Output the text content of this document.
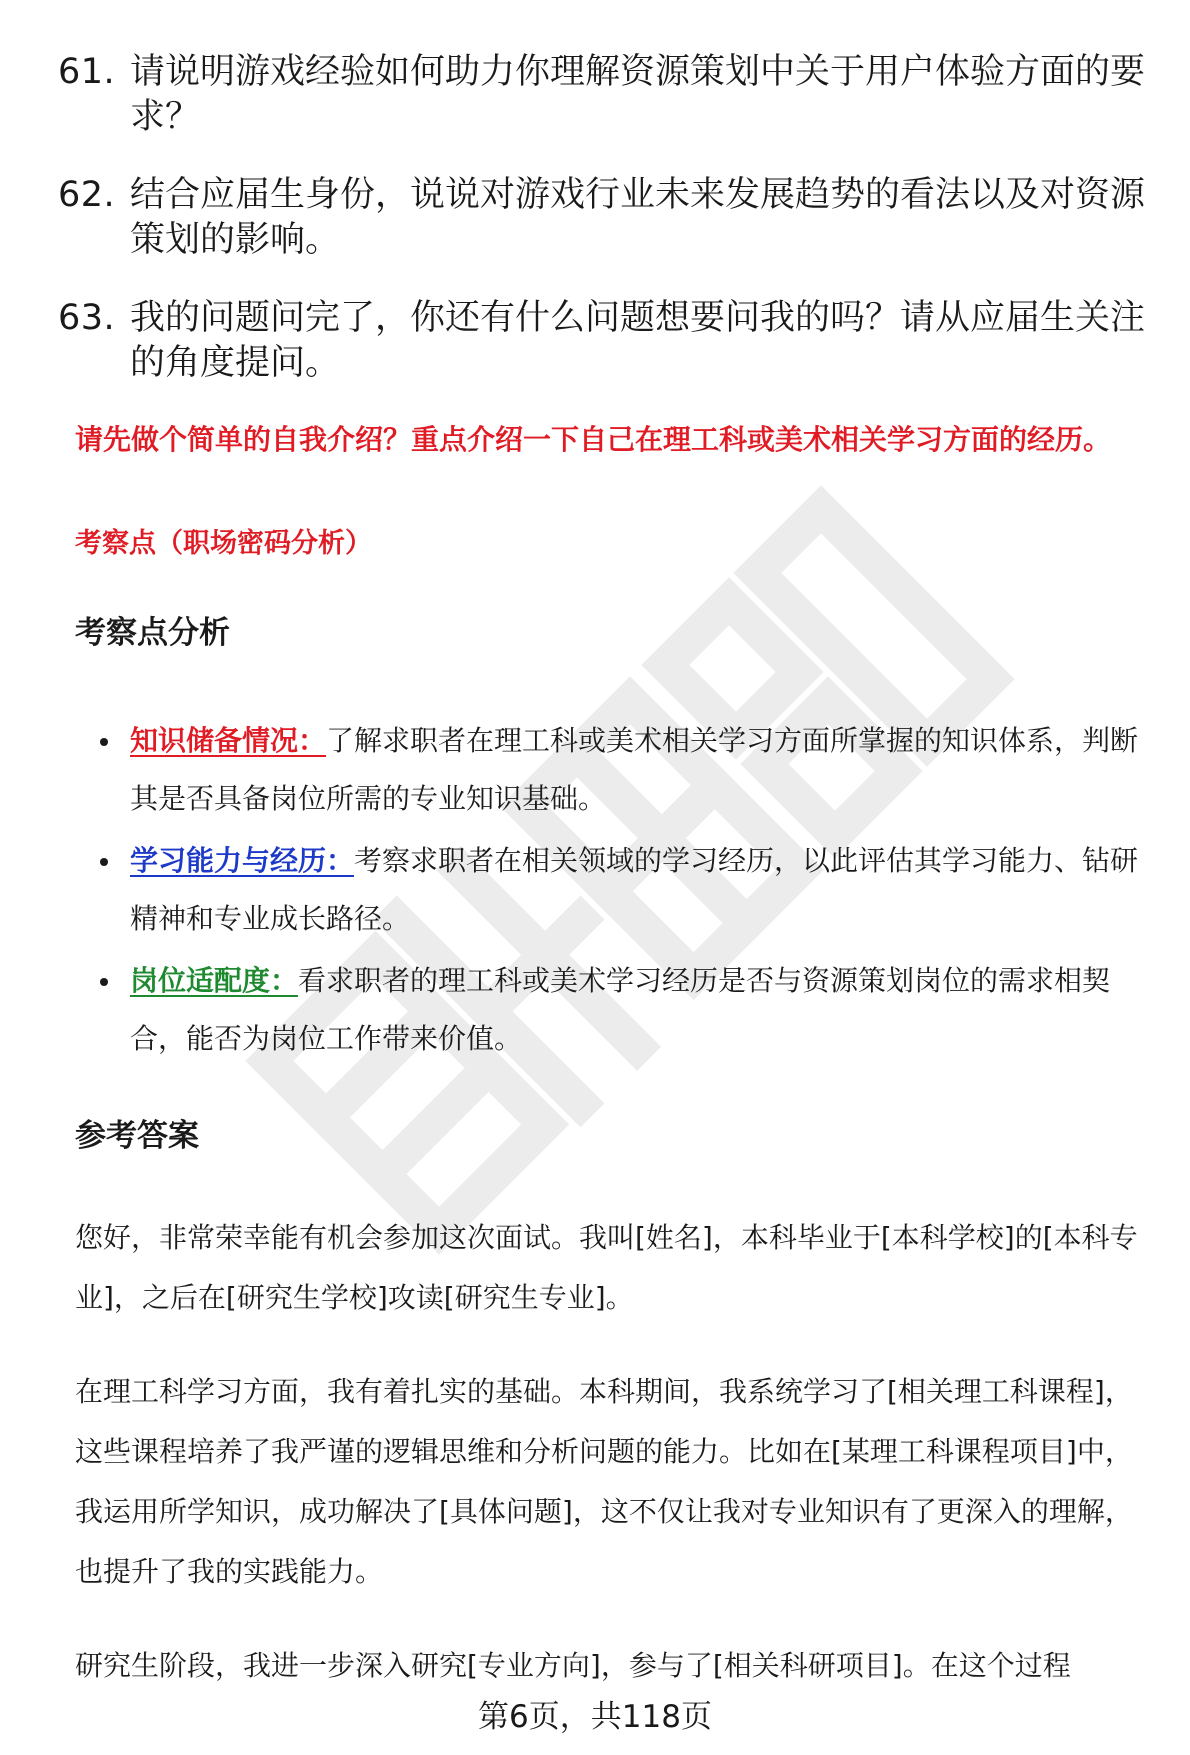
61. 请说明游戏经验如何助力你理解资源策划中关于用户体验方面的要求？
62. 结合应届生身份，说说对游戏行业未来发展趋势的看法以及对资源策划的影响。
63. 我的问题问完了，你还有什么问题想要问我的吗？请从应届生关注的角度提问。

请先做个简单的自我介绍？重点介绍一下自己在理工科或美术相关学习方面的经历。

考察点（职场密码分析）

考察点分析
知识储备情况：了解求职者在理工科或美术相关学习方面所掌握的知识体系，判断其是否具备岗位所需的专业知识基础。
学习能力与经历：考察求职者在相关领域的学习经历，以此评估其学习能力、钻研精神和专业成长路径。
岗位适配度：看求职者的理工科或美术学习经历是否与资源策划岗位的需求相契合，能否为岗位工作带来价值。
参考答案

您好，非常荣幸能有机会参加这次面试。我叫[姓名]，本科毕业于[本科学校]的[本科专业]，之后在[研究生学校]攻读[研究生专业]。

在理工科学习方面，我有着扎实的基础。本科期间，我系统学习了[相关理工科课程]，这些课程培养了我严谨的逻辑思维和分析问题的能力。比如在[某理工科课程项目]中，我运用所学知识，成功解决了[具体问题]，这不仅让我对专业知识有了更深入的理解，也提升了我的实践能力。

研究生阶段，我进一步深入研究[专业方向]，参与了[相关科研项目]。在这个过程

第6页，共118页
